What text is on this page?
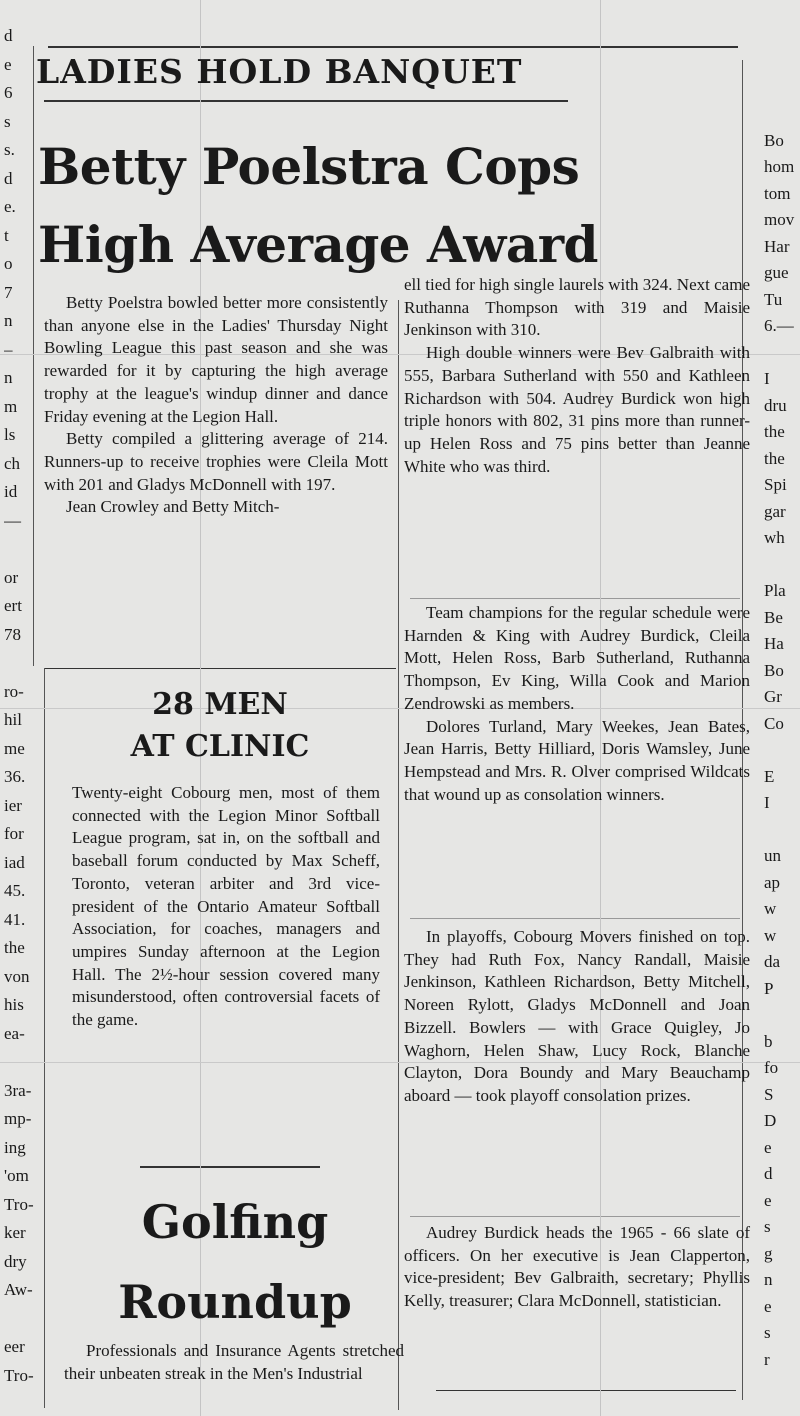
d
e
6
s
s.
d
e.
t
o
7
n
–
n
m
ls
ch
id
—
or
ert
78
ro-
hil
me
36.
ier
for
iad
45.
41.
the
von
his
ea-
3ra-
mp-
ing
'om
Tro-
ker
dry
Aw-
eer
Tro-
Bo
hom
tom
mov
Har
gue
Tu
6.—
I
dru
the
the
Spi
gar
wh
Pla
Be
Ha
Bo
Gr
Co
E
I
un
ap
w
w
da
P
b
fo
S
D
e
d
e
s
g
n
e
s
r
LADIES HOLD BANQUET
Betty Poelstra Cops
High Average Award

Betty Poelstra bowled better more consistently than anyone else in the Ladies' Thursday Night Bowling League this past season and she was rewarded for it by capturing the high average trophy at the league's windup dinner and dance Friday evening at the Legion Hall.

Betty compiled a glittering average of 214. Runners-up to receive trophies were Cleila Mott with 201 and Gladys McDonnell with 197.

Jean Crowley and Betty Mitch-

ell tied for high single laurels with 324. Next came Ruthanna Thompson with 319 and Maisie Jenkinson with 310.

High double winners were Bev Galbraith with 555, Barbara Sutherland with 550 and Kathleen Richardson with 504. Audrey Burdick won high triple honors with 802, 31 pins more than runner-up Helen Ross and 75 pins better than Jeanne White who was third.

Team champions for the regular schedule were Harnden & King with Audrey Burdick, Cleila Mott, Helen Ross, Barb Sutherland, Ruthanna Thompson, Ev King, Willa Cook and Marion Zendrowski as members.

Dolores Turland, Mary Weekes, Jean Bates, Jean Harris, Betty Hilliard, Doris Wamsley, June Hempstead and Mrs. R. Olver comprised Wildcats that wound up as consolation winners.

In playoffs, Cobourg Movers finished on top. They had Ruth Fox, Nancy Randall, Maisie Jenkinson, Kathleen Richardson, Betty Mitchell, Noreen Rylott, Gladys McDonnell and Joan Bizzell. Bowlers — with Grace Quigley, Jo Waghorn, Helen Shaw, Lucy Rock, Blanche Clayton, Dora Boundy and Mary Beauchamp aboard — took playoff consolation prizes.

Audrey Burdick heads the 1965 - 66 slate of officers. On her executive is Jean Clapperton, vice-president; Bev Galbraith, secretary; Phyllis Kelly, treasurer; Clara McDonnell, statistician.

28 MEN
AT CLINIC

Twenty-eight Cobourg men, most of them connected with the Legion Minor Softball League program, sat in, on the softball and baseball forum conducted by Max Scheff, Toronto, veteran arbiter and 3rd vice-president of the Ontario Amateur Softball Association, for coaches, managers and umpires Sunday afternoon at the Legion Hall. The 2½-hour session covered many misunderstood, often controversial facets of the game.

Golfing
Roundup

Professionals and Insurance Agents stretched their unbeaten streak in the Men's Industrial
